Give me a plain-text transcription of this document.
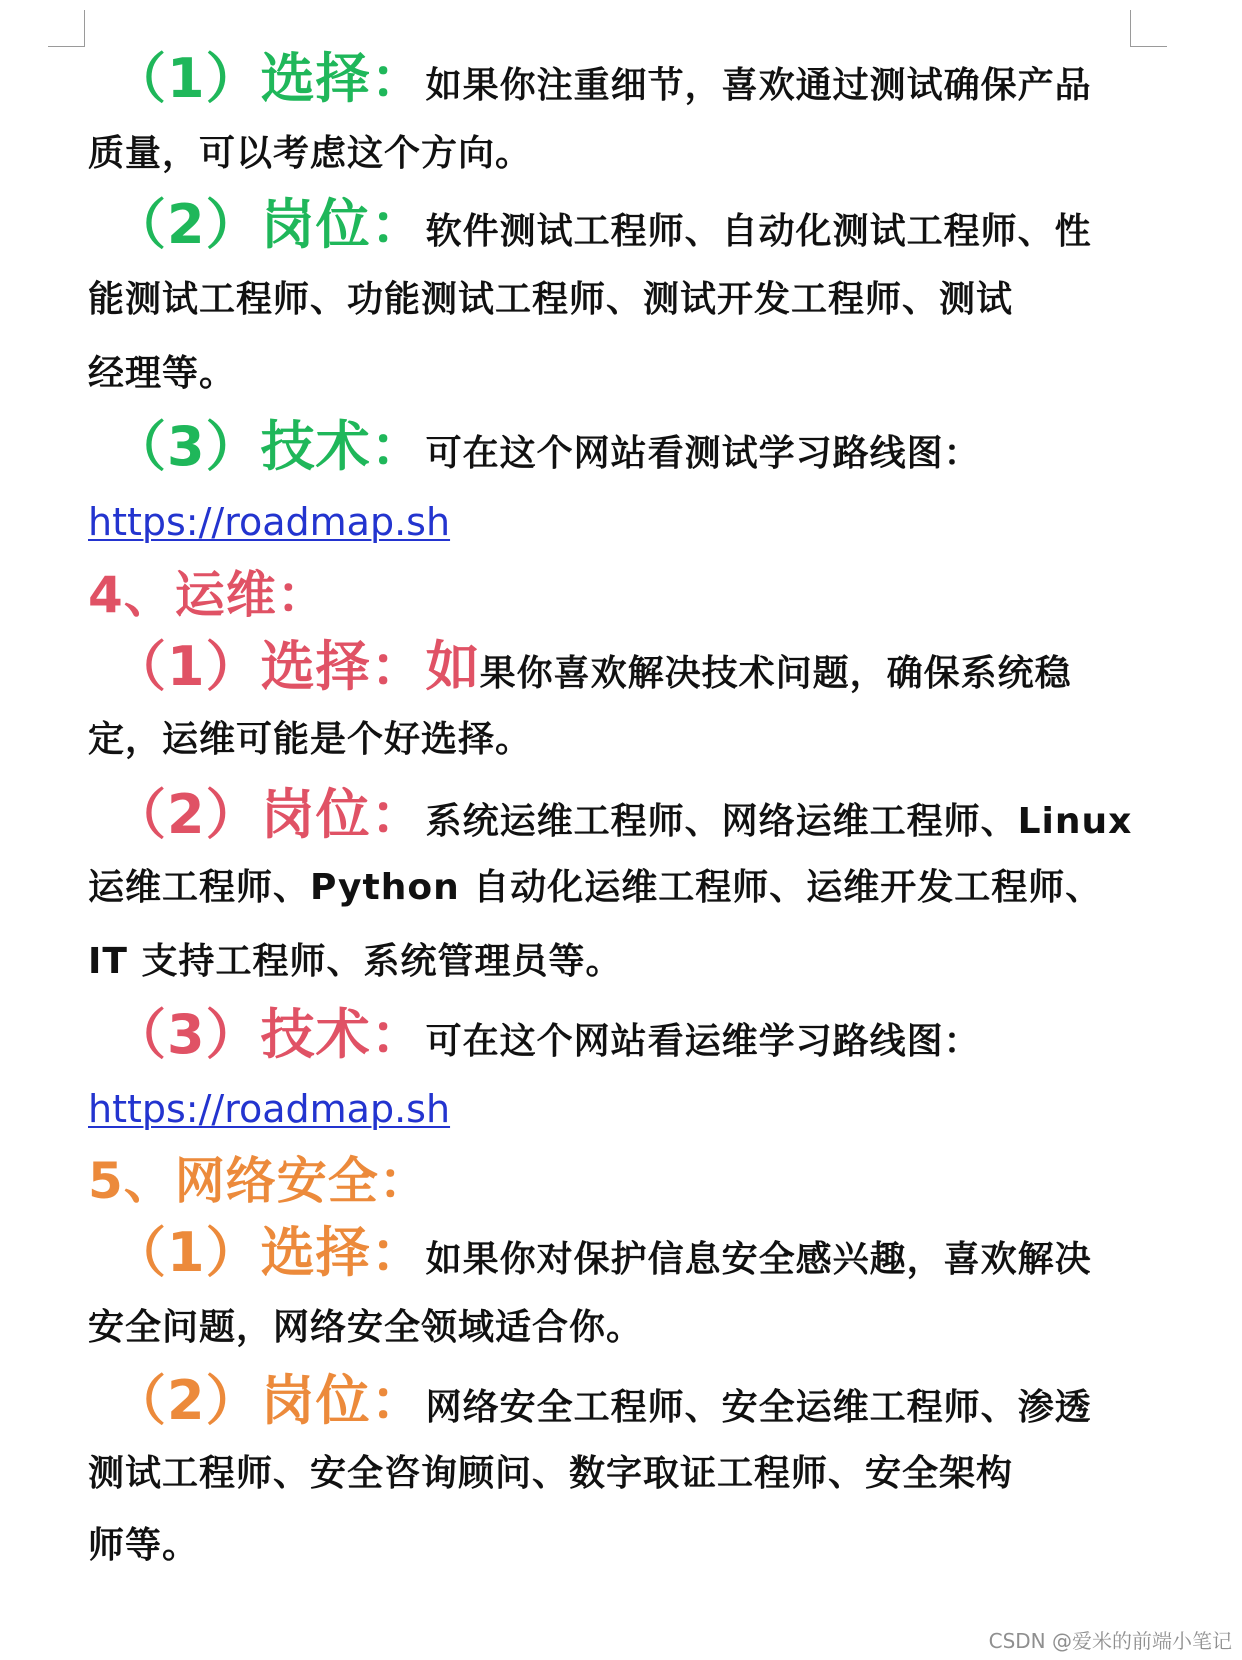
（1）选择：如果你注重细节，喜欢通过测试确保产品
质量，可以考虑这个方向。
（2）岗位：软件测试工程师、自动化测试工程师、性
能测试工程师、功能测试工程师、测试开发工程师、测试
经理等。
（3）技术：可在这个网站看测试学习路线图：
https://roadmap.sh
4、运维：
（1）选择：如果你喜欢解决技术问题，确保系统稳
定，运维可能是个好选择。
（2）岗位：系统运维工程师、网络运维工程师、Linux
运维工程师、Python 自动化运维工程师、运维开发工程师、
IT 支持工程师、系统管理员等。
（3）技术：可在这个网站看运维学习路线图：
https://roadmap.sh
5、网络安全：
（1）选择：如果你对保护信息安全感兴趣，喜欢解决
安全问题，网络安全领域适合你。
（2）岗位：网络安全工程师、安全运维工程师、渗透
测试工程师、安全咨询顾问、数字取证工程师、安全架构
师等。
CSDN @爱米的前端小笔记
